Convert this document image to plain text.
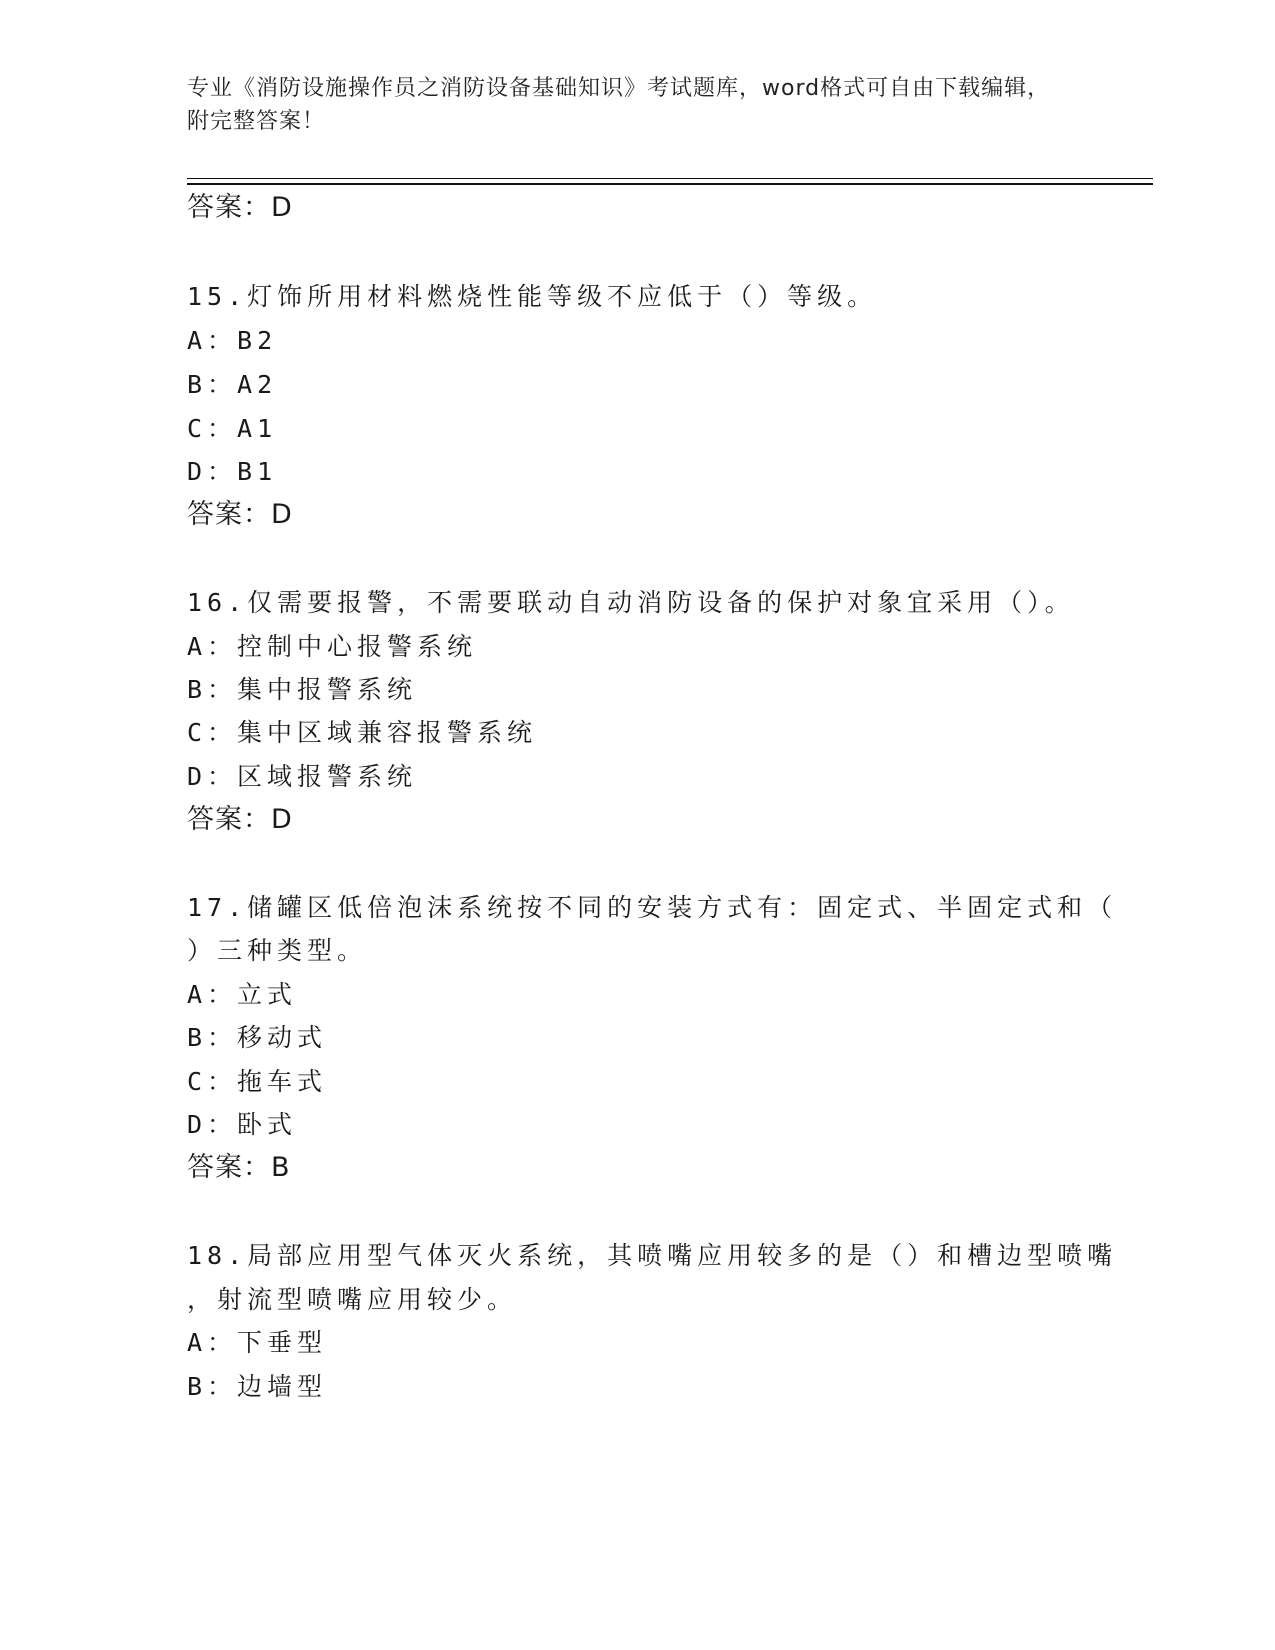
专业《消防设施操作员之消防设备基础知识》考试题库，word格式可自由下载编辑，附完整答案！
答案：D
15.灯饰所用材料燃烧性能等级不应低于（）等级。
A：B2
B：A2
C：A1
D：B1
答案：D
16.仅需要报警，不需要联动自动消防设备的保护对象宜采用（）。
A：控制中心报警系统
B：集中报警系统
C：集中区域兼容报警系统
D：区域报警系统
答案：D
17.储罐区低倍泡沫系统按不同的安装方式有：固定式、半固定式和（
）三种类型。
A：立式
B：移动式
C：拖车式
D：卧式
答案：B
18.局部应用型气体灭火系统，其喷嘴应用较多的是（）和槽边型喷嘴
，射流型喷嘴应用较少。
A：下垂型
B：边墙型
